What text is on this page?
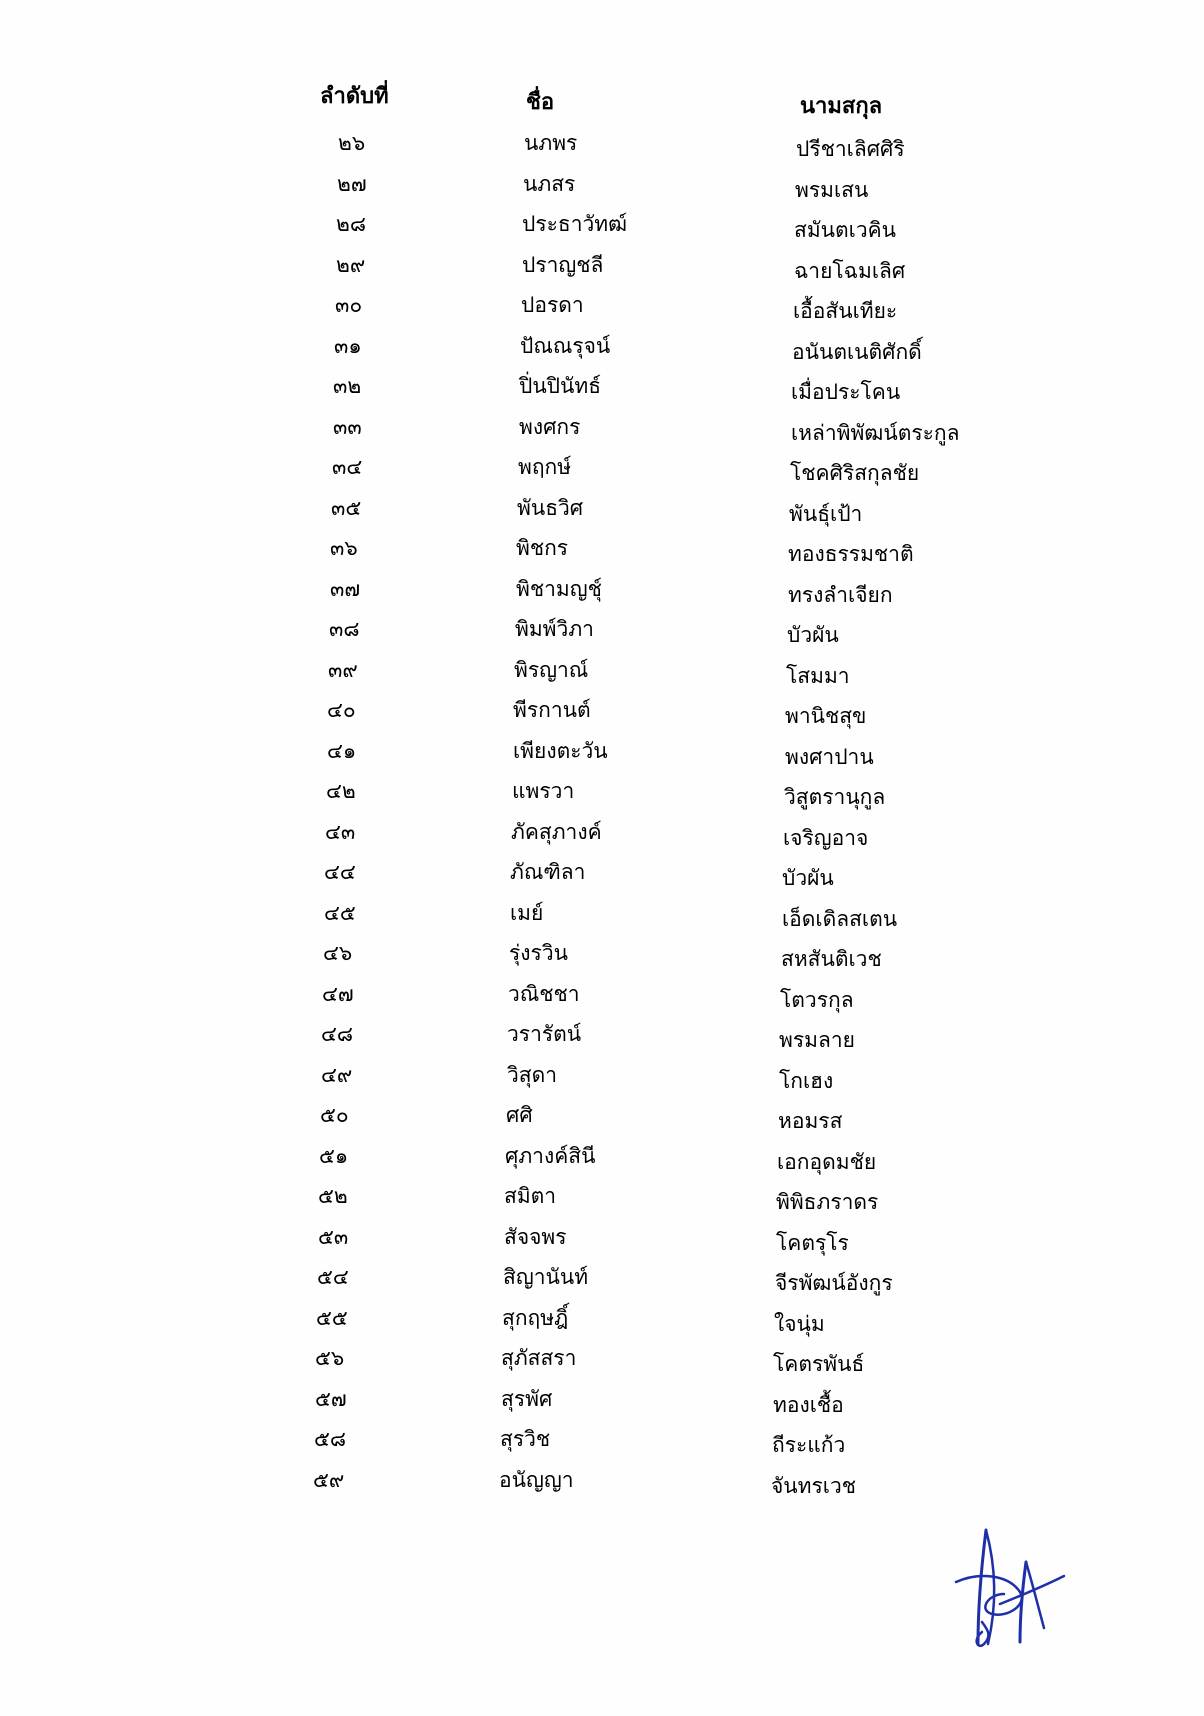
ลำดับที่	ชื่อ	นามสกุล
๒๖	นภพร	ปรีชาเลิศศิริ
๒๗	นภสร	พรมเสน
๒๘	ประธาวัทฒ์	สมันตเวคิน
๒๙	ปราญชลี	ฉายโฉมเลิศ
๓๐	ปอรดา	เอื้อสันเทียะ
๓๑	ปัณณรุจน์	อนันตเนติศักดิ์
๓๒	ปิ่นปินัทธ์	เมื่อประโคน
๓๓	พงศกร	เหล่าพิพัฒน์ตระกูล
๓๔	พฤกษ์	โชคศิริสกุลชัย
๓๕	พันธวิศ	พันธุ์เป้า
๓๖	พิชกร	ทองธรรมชาติ
๓๗	พิชามญชุ์	ทรงลำเจียก
๓๘	พิมพ์วิภา	บัวผัน
๓๙	พิรญาณ์	โสมมา
๔๐	พีรกานต์	พานิชสุข
๔๑	เพียงตะวัน	พงศาปาน
๔๒	แพรวา	วิสูตรานุกูล
๔๓	ภัคสุภางค์	เจริญอาจ
๔๔	ภัณฑิลา	บัวผัน
๔๕	เมย์	เอ็ดเดิลสเตน
๔๖	รุ่งรวิน	สหสันติเวช
๔๗	วณิชชา	โตวรกุล
๔๘	วรารัตน์	พรมลาย
๔๙	วิสุดา	โกเฮง
๕๐	ศศิ	หอมรส
๕๑	ศุภางค์สินี	เอกอุดมชัย
๕๒	สมิตา	พิพิธภราดร
๕๓	สัจจพร	โคตรุโร
๕๔	สิญานันท์	จีรพัฒน์อังกูร
๕๕	สุกฤษฎิ์	ใจนุ่ม
๕๖	สุภัสสรา	โคตรพันธ์
๕๗	สุรพัศ	ทองเชื้อ
๕๘	สุรวิช	ถีระแก้ว
๕๙	อนัญญา	จันทรเวช
